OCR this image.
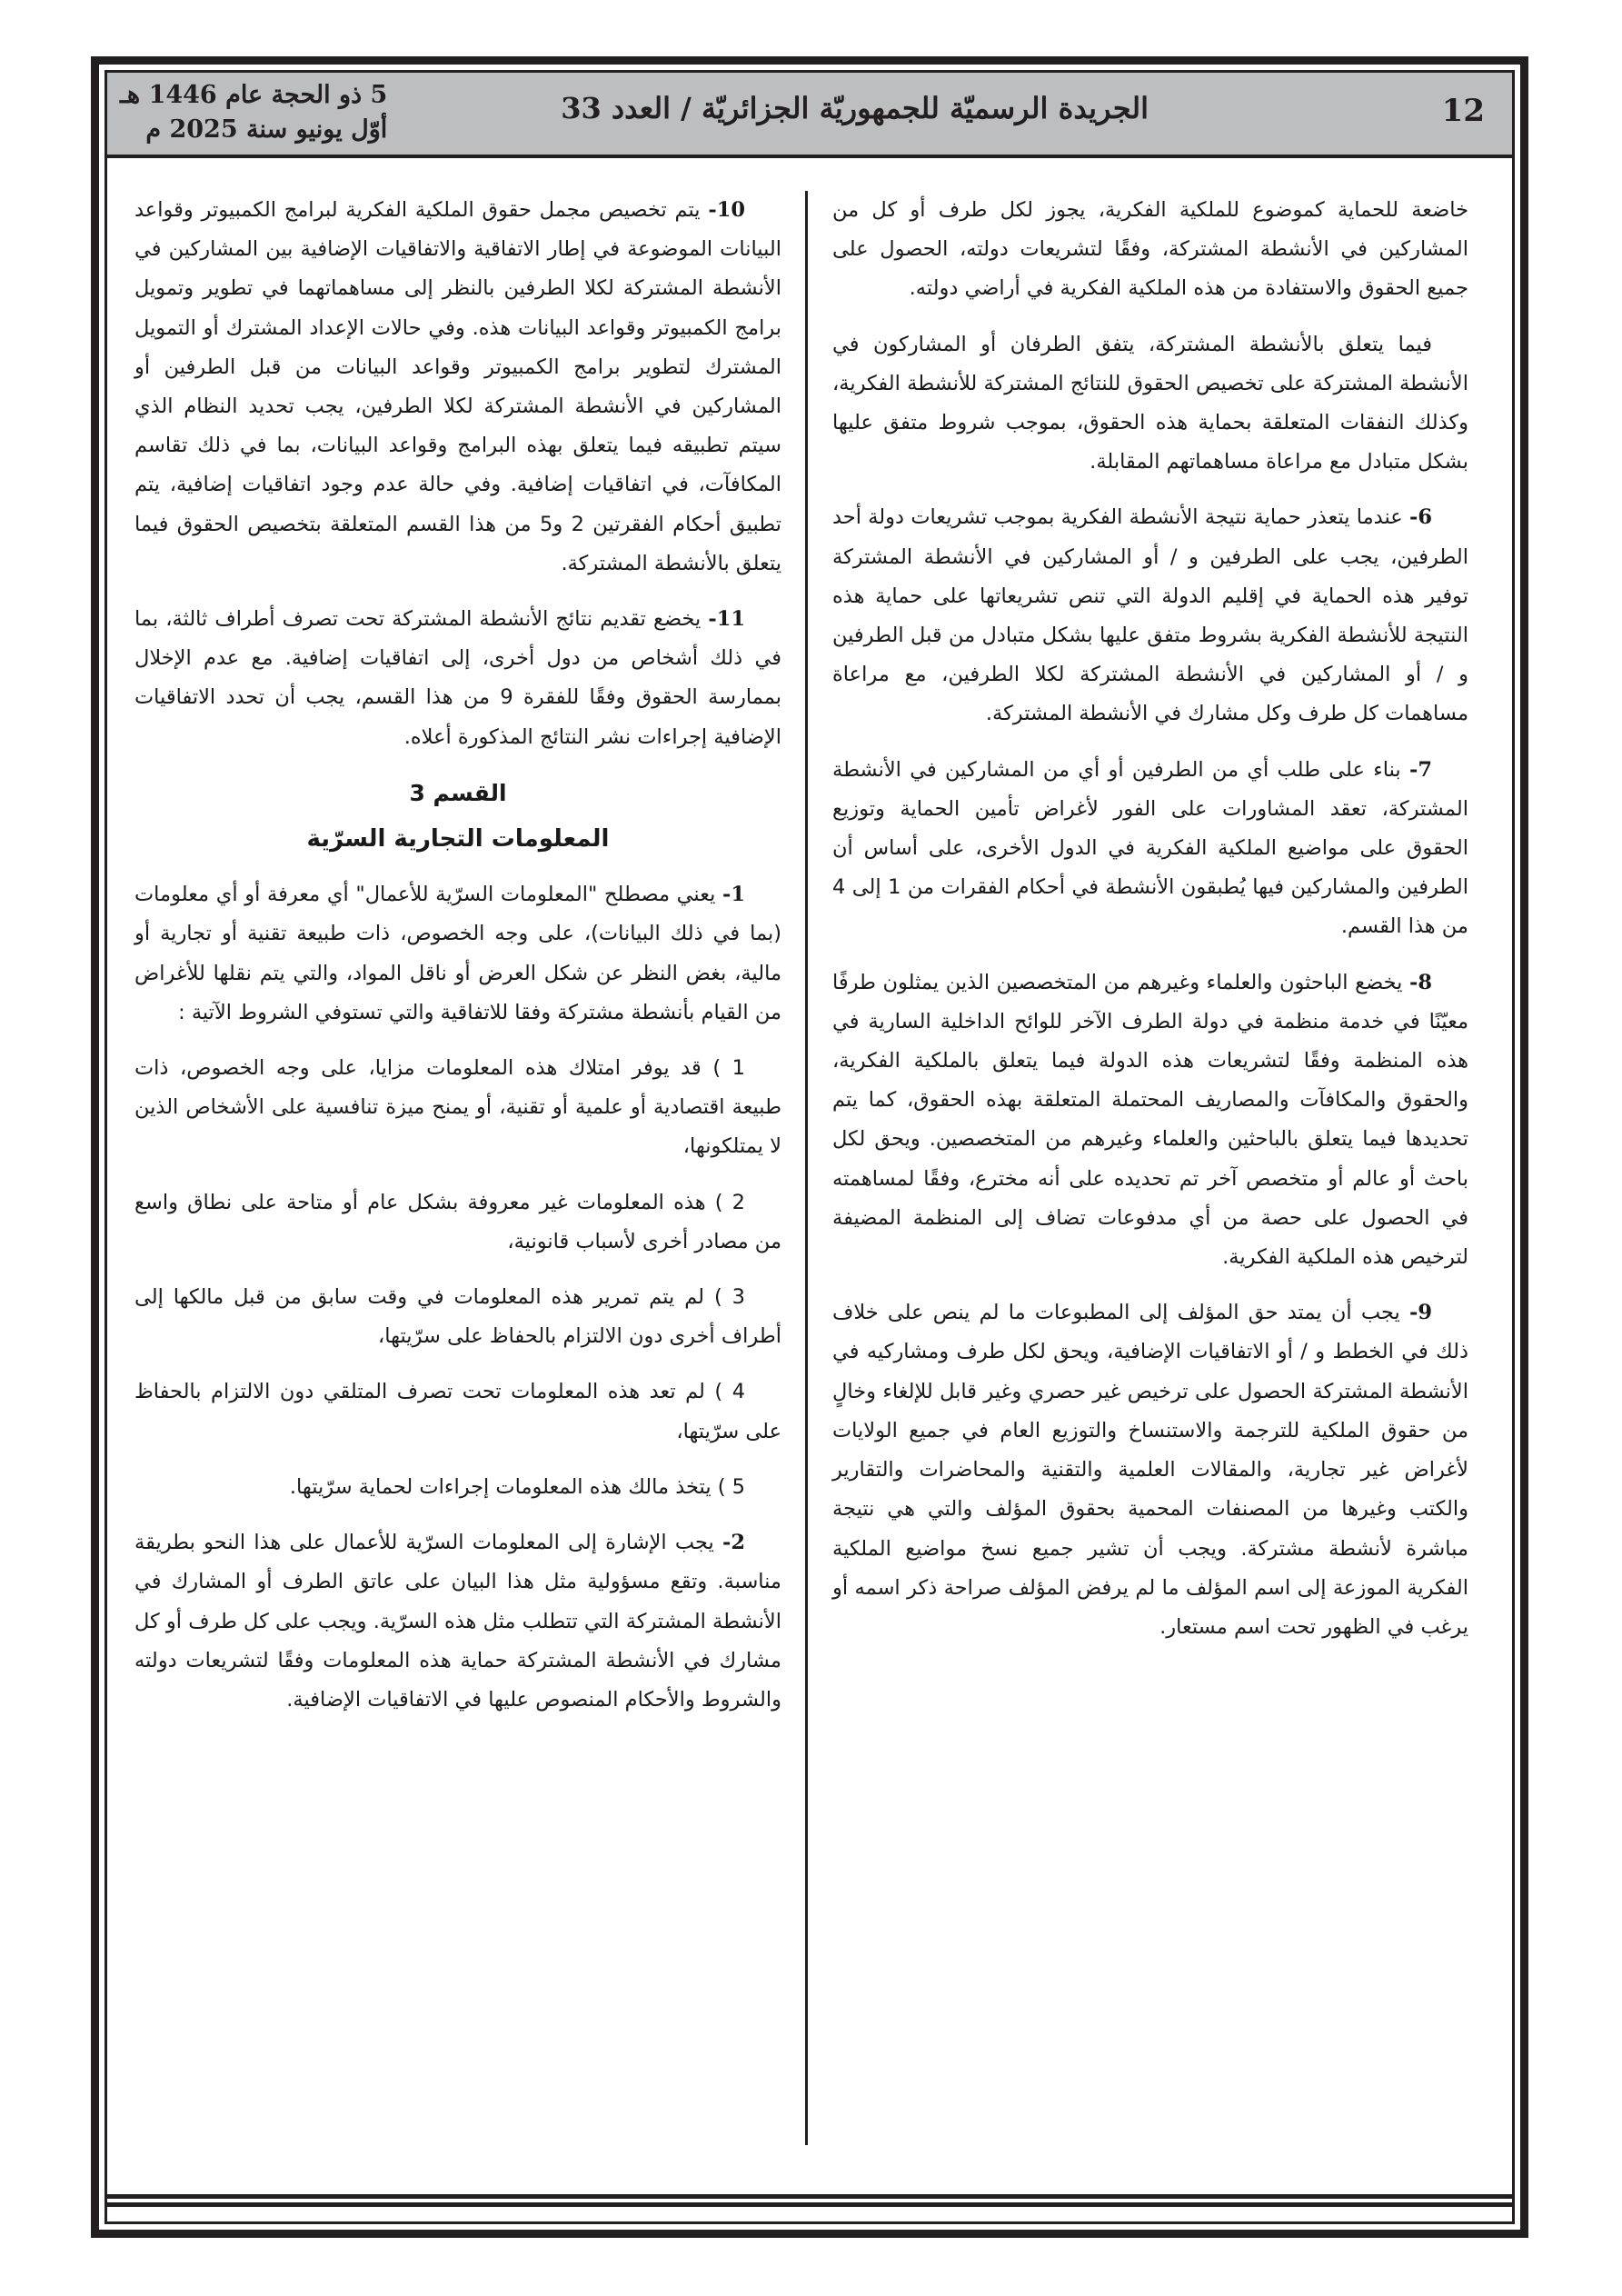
12
الجريدة الرسميّة للجمهوريّة الجزائريّة / العدد 33
5 ذو الحجة عام 1446 هـ
أوّل يونيو سنة 2025 م

خاضعة للحماية كموضوع للملكية الفكرية، يجوز لكل طرف أو كل من المشاركين في الأنشطة المشتركة، وفقًا لتشريعات دولته، الحصول على جميع الحقوق والاستفادة من هذه الملكية الفكرية في أراضي دولته.

فيما يتعلق بالأنشطة المشتركة، يتفق الطرفان أو المشاركون في الأنشطة المشتركة على تخصيص الحقوق للنتائج المشتركة للأنشطة الفكرية، وكذلك النفقات المتعلقة بحماية هذه الحقوق، بموجب شروط متفق عليها بشكل متبادل مع مراعاة مساهماتهم المقابلة.

6- عندما يتعذر حماية نتيجة الأنشطة الفكرية بموجب تشريعات دولة أحد الطرفين، يجب على الطرفين و / أو المشاركين في الأنشطة المشتركة توفير هذه الحماية في إقليم الدولة التي تنص تشريعاتها على حماية هذه النتيجة للأنشطة الفكرية بشروط متفق عليها بشكل متبادل من قبل الطرفين و / أو المشاركين في الأنشطة المشتركة لكلا الطرفين، مع مراعاة مساهمات كل طرف وكل مشارك في الأنشطة المشتركة.

7- بناء على طلب أي من الطرفين أو أي من المشاركين في الأنشطة المشتركة، تعقد المشاورات على الفور لأغراض تأمين الحماية وتوزيع الحقوق على مواضيع الملكية الفكرية في الدول الأخرى، على أساس أن الطرفين والمشاركين فيها يُطبقون الأنشطة في أحكام الفقرات من 1 إلى 4 من هذا القسم.

8- يخضع الباحثون والعلماء وغيرهم من المتخصصين الذين يمثلون طرفًا معيّنًا في خدمة منظمة في دولة الطرف الآخر للوائح الداخلية السارية في هذه المنظمة وفقًا لتشريعات هذه الدولة فيما يتعلق بالملكية الفكرية، والحقوق والمكافآت والمصاريف المحتملة المتعلقة بهذه الحقوق، كما يتم تحديدها فيما يتعلق بالباحثين والعلماء وغيرهم من المتخصصين. ويحق لكل باحث أو عالم أو متخصص آخر تم تحديده على أنه مخترع، وفقًا لمساهمته في الحصول على حصة من أي مدفوعات تضاف إلى المنظمة المضيفة لترخيص هذه الملكية الفكرية.

9- يجب أن يمتد حق المؤلف إلى المطبوعات ما لم ينص على خلاف ذلك في الخطط و / أو الاتفاقيات الإضافية، ويحق لكل طرف ومشاركيه في الأنشطة المشتركة الحصول على ترخيص غير حصري وغير قابل للإلغاء وخالٍ من حقوق الملكية للترجمة والاستنساخ والتوزيع العام في جميع الولايات لأغراض غير تجارية، والمقالات العلمية والتقنية والمحاضرات والتقارير والكتب وغيرها من المصنفات المحمية بحقوق المؤلف والتي هي نتيجة مباشرة لأنشطة مشتركة. ويجب أن تشير جميع نسخ مواضيع الملكية الفكرية الموزعة إلى اسم المؤلف ما لم يرفض المؤلف صراحة ذكر اسمه أو يرغب في الظهور تحت اسم مستعار.

10- يتم تخصيص مجمل حقوق الملكية الفكرية لبرامج الكمبيوتر وقواعد البيانات الموضوعة في إطار الاتفاقية والاتفاقيات الإضافية بين المشاركين في الأنشطة المشتركة لكلا الطرفين بالنظر إلى مساهماتهما في تطوير وتمويل برامج الكمبيوتر وقواعد البيانات هذه. وفي حالات الإعداد المشترك أو التمويل المشترك لتطوير برامج الكمبيوتر وقواعد البيانات من قبل الطرفين أو المشاركين في الأنشطة المشتركة لكلا الطرفين، يجب تحديد النظام الذي سيتم تطبيقه فيما يتعلق بهذه البرامج وقواعد البيانات، بما في ذلك تقاسم المكافآت، في اتفاقيات إضافية. وفي حالة عدم وجود اتفاقيات إضافية، يتم تطبيق أحكام الفقرتين 2 و5 من هذا القسم المتعلقة بتخصيص الحقوق فيما يتعلق بالأنشطة المشتركة.

11- يخضع تقديم نتائج الأنشطة المشتركة تحت تصرف أطراف ثالثة، بما في ذلك أشخاص من دول أخرى، إلى اتفاقيات إضافية. مع عدم الإخلال بممارسة الحقوق وفقًا للفقرة 9 من هذا القسم، يجب أن تحدد الاتفاقيات الإضافية إجراءات نشر النتائج المذكورة أعلاه.

القسم 3
المعلومات التجارية السرّية

1- يعني مصطلح "المعلومات السرّية للأعمال" أي معرفة أو أي معلومات (بما في ذلك البيانات)، على وجه الخصوص، ذات طبيعة تقنية أو تجارية أو مالية، بغض النظر عن شكل العرض أو ناقل المواد، والتي يتم نقلها للأغراض من القيام بأنشطة مشتركة وفقا للاتفاقية والتي تستوفي الشروط الآتية :

1 ) قد يوفر امتلاك هذه المعلومات مزايا، على وجه الخصوص، ذات طبيعة اقتصادية أو علمية أو تقنية، أو يمنح ميزة تنافسية على الأشخاص الذين لا يمتلكونها،

2 ) هذه المعلومات غير معروفة بشكل عام أو متاحة على نطاق واسع من مصادر أخرى لأسباب قانونية،

3 ) لم يتم تمرير هذه المعلومات في وقت سابق من قبل مالكها إلى أطراف أخرى دون الالتزام بالحفاظ على سرّيتها،

4 ) لم تعد هذه المعلومات تحت تصرف المتلقي دون الالتزام بالحفاظ على سرّيتها،

5 ) يتخذ مالك هذه المعلومات إجراءات لحماية سرّيتها.

2- يجب الإشارة إلى المعلومات السرّية للأعمال على هذا النحو بطريقة مناسبة. وتقع مسؤولية مثل هذا البيان على عاتق الطرف أو المشارك في الأنشطة المشتركة التي تتطلب مثل هذه السرّية. ويجب على كل طرف أو كل مشارك في الأنشطة المشتركة حماية هذه المعلومات وفقًا لتشريعات دولته والشروط والأحكام المنصوص عليها في الاتفاقيات الإضافية.
